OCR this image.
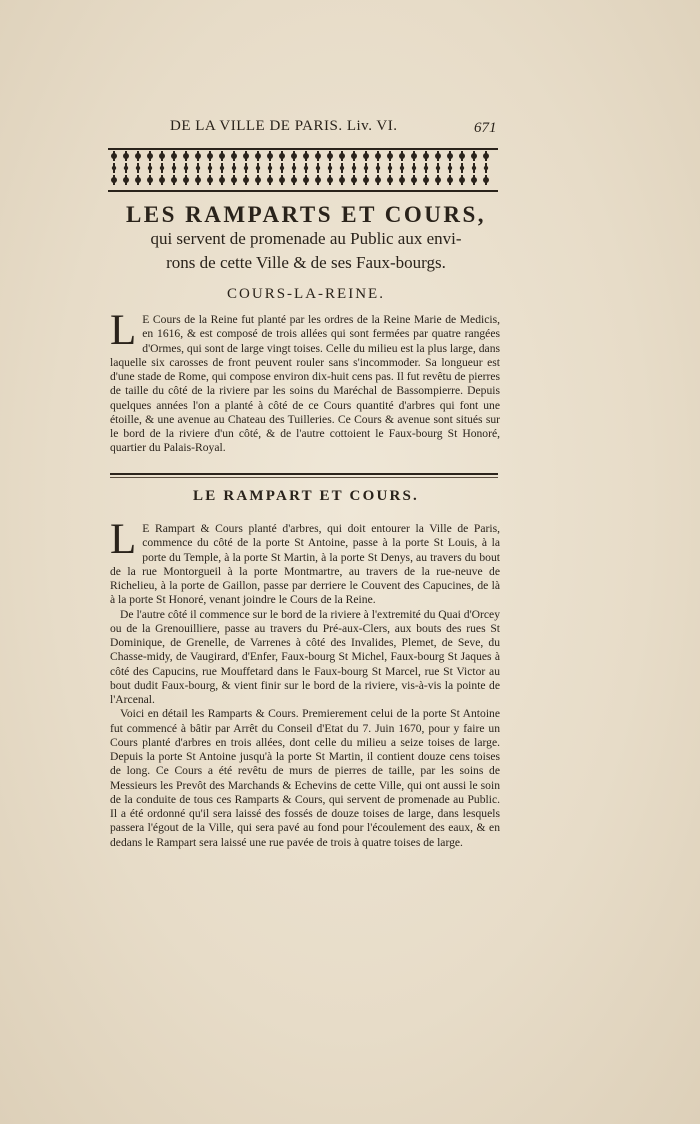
DE LA VILLE DE PARIS. Liv. VI.	671
LES RAMPARTS ET COURS,
qui servent de promenade au Public aux envi-
rons de cette Ville & de ses Faux-bourgs.
COURS-LA-REINE.

L E Cours de la Reine fut planté par les ordres de la Reine Marie de Medicis, en 1616, & est composé de trois allées qui sont fermées par quatre rangées d'Ormes, qui sont de large vingt toises. Celle du milieu est la plus large, dans laquelle six carosses de front peuvent rouler sans s'incommoder. Sa longueur est d'une stade de Rome, qui compose environ dix-huit cens pas. Il fut revêtu de pierres de taille du côté de la riviere par les soins du Maréchal de Bassompierre. Depuis quelques années l'on a planté à côté de ce Cours quantité d'arbres qui font une étoille, & une avenue au Chateau des Tuilleries. Ce Cours & avenue sont situés sur le bord de la riviere d'un côté, & de l'autre cottoient le Faux-bourg St Honoré, quartier du Palais-Royal.

LE RAMPART ET COURS.

L E Rampart & Cours planté d'arbres, qui doit entourer la Ville de Paris, commence du côté de la porte St Antoine, passe à la porte St Louis, à la porte du Temple, à la porte St Martin, à la porte St Denys, au travers du bout de la rue Montorgueil à la porte Montmartre, au travers de la rue-neuve de Richelieu, à la porte de Gaillon, passe par derriere le Couvent des Capucines, de là à la porte St Honoré, venant joindre le Cours de la Reine.

De l'autre côté il commence sur le bord de la riviere à l'extremité du Quai d'Orcey ou de la Grenouilliere, passe au travers du Pré-aux-Clers, aux bouts des rues St Dominique, de Grenelle, de Varrenes à côté des Invalides, Plemet, de Seve, du Chasse-midy, de Vaugirard, d'Enfer, Faux-bourg St Michel, Faux-bourg St Jaques à côté des Capucins, rue Mouffetard dans le Faux-bourg St Marcel, rue St Victor au bout dudit Faux-bourg, & vient finir sur le bord de la riviere, vis-à-vis la pointe de l'Arcenal.

Voici en détail les Ramparts & Cours. Premierement celui de la porte St Antoine fut commencé à bâtir par Arrêt du Conseil d'Etat du 7. Juin 1670, pour y faire un Cours planté d'arbres en trois allées, dont celle du milieu a seize toises de large. Depuis la porte St Antoine jusqu'à la porte St Martin, il contient douze cens toises de long. Ce Cours a été revêtu de murs de pierres de taille, par les soins de Messieurs les Prevôt des Marchands & Echevins de cette Ville, qui ont aussi le soin de la conduite de tous ces Ramparts & Cours, qui servent de promenade au Public. Il a été ordonné qu'il sera laissé des fossés de douze toises de large, dans lesquels passera l'égout de la Ville, qui sera pavé au fond pour l'écoulement des eaux, & en dedans le Rampart sera laissé une rue pavée de trois à quatre toises de large.
